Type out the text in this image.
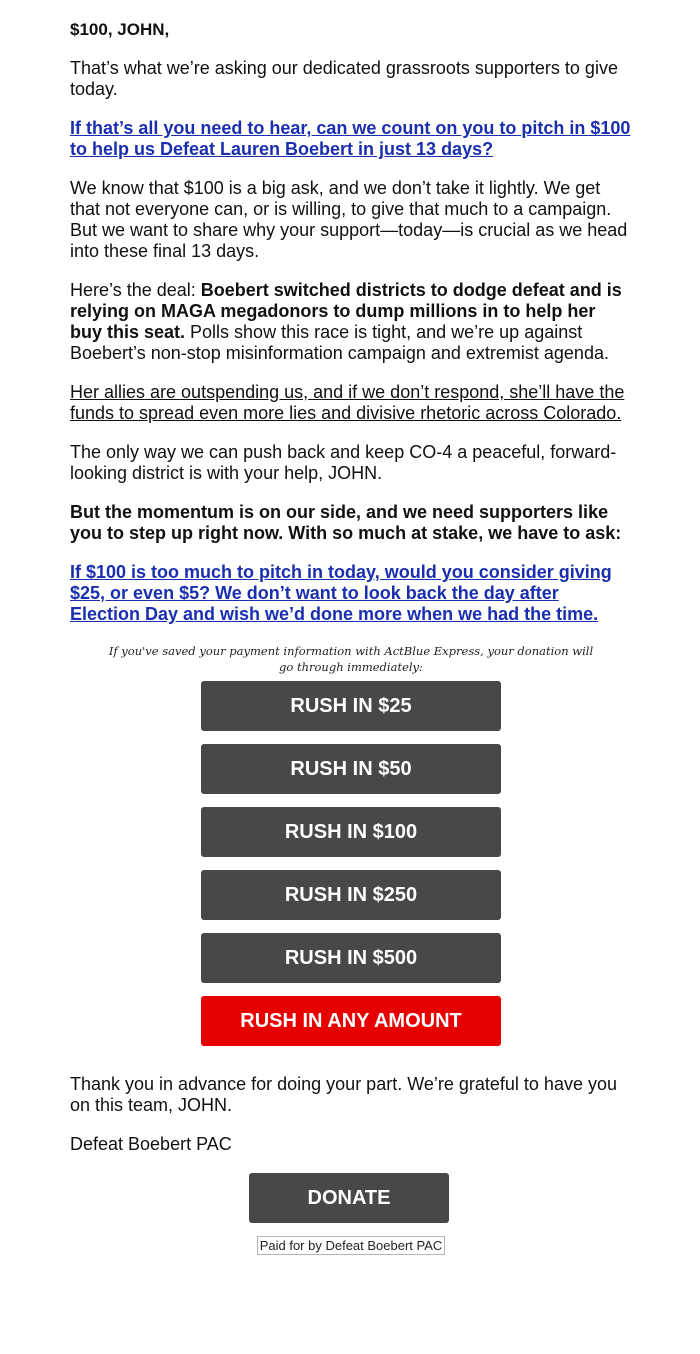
$100, JOHN,

That’s what we’re asking our dedicated grassroots supporters to give today.

If that’s all you need to hear, can we count on you to pitch in $100 to help us Defeat Lauren Boebert in just 13 days?

We know that $100 is a big ask, and we don’t take it lightly. We get that not everyone can, or is willing, to give that much to a campaign. But we want to share why your support—today—is crucial as we head into these final 13 days.

Here’s the deal: Boebert switched districts to dodge defeat and is relying on MAGA megadonors to dump millions in to help her buy this seat. Polls show this race is tight, and we’re up against Boebert’s non-stop misinformation campaign and extremist agenda.

Her allies are outspending us, and if we don’t respond, she’ll have the funds to spread even more lies and divisive rhetoric across Colorado.

The only way we can push back and keep CO-4 a peaceful, forward-looking district is with your help, JOHN.

But the momentum is on our side, and we need supporters like you to step up right now. With so much at stake, we have to ask:

If $100 is too much to pitch in today, would you consider giving $25, or even $5? We don’t want to look back the day after Election Day and wish we’d done more when we had the time.

If you've saved your payment information with ActBlue Express, your donation will go through immediately:
RUSH IN $25
RUSH IN $50
RUSH IN $100
RUSH IN $250
RUSH IN $500
RUSH IN ANY AMOUNT

Thank you in advance for doing your part. We’re grateful to have you on this team, JOHN.

Defeat Boebert PAC

DONATE
Paid for by Defeat Boebert PAC
